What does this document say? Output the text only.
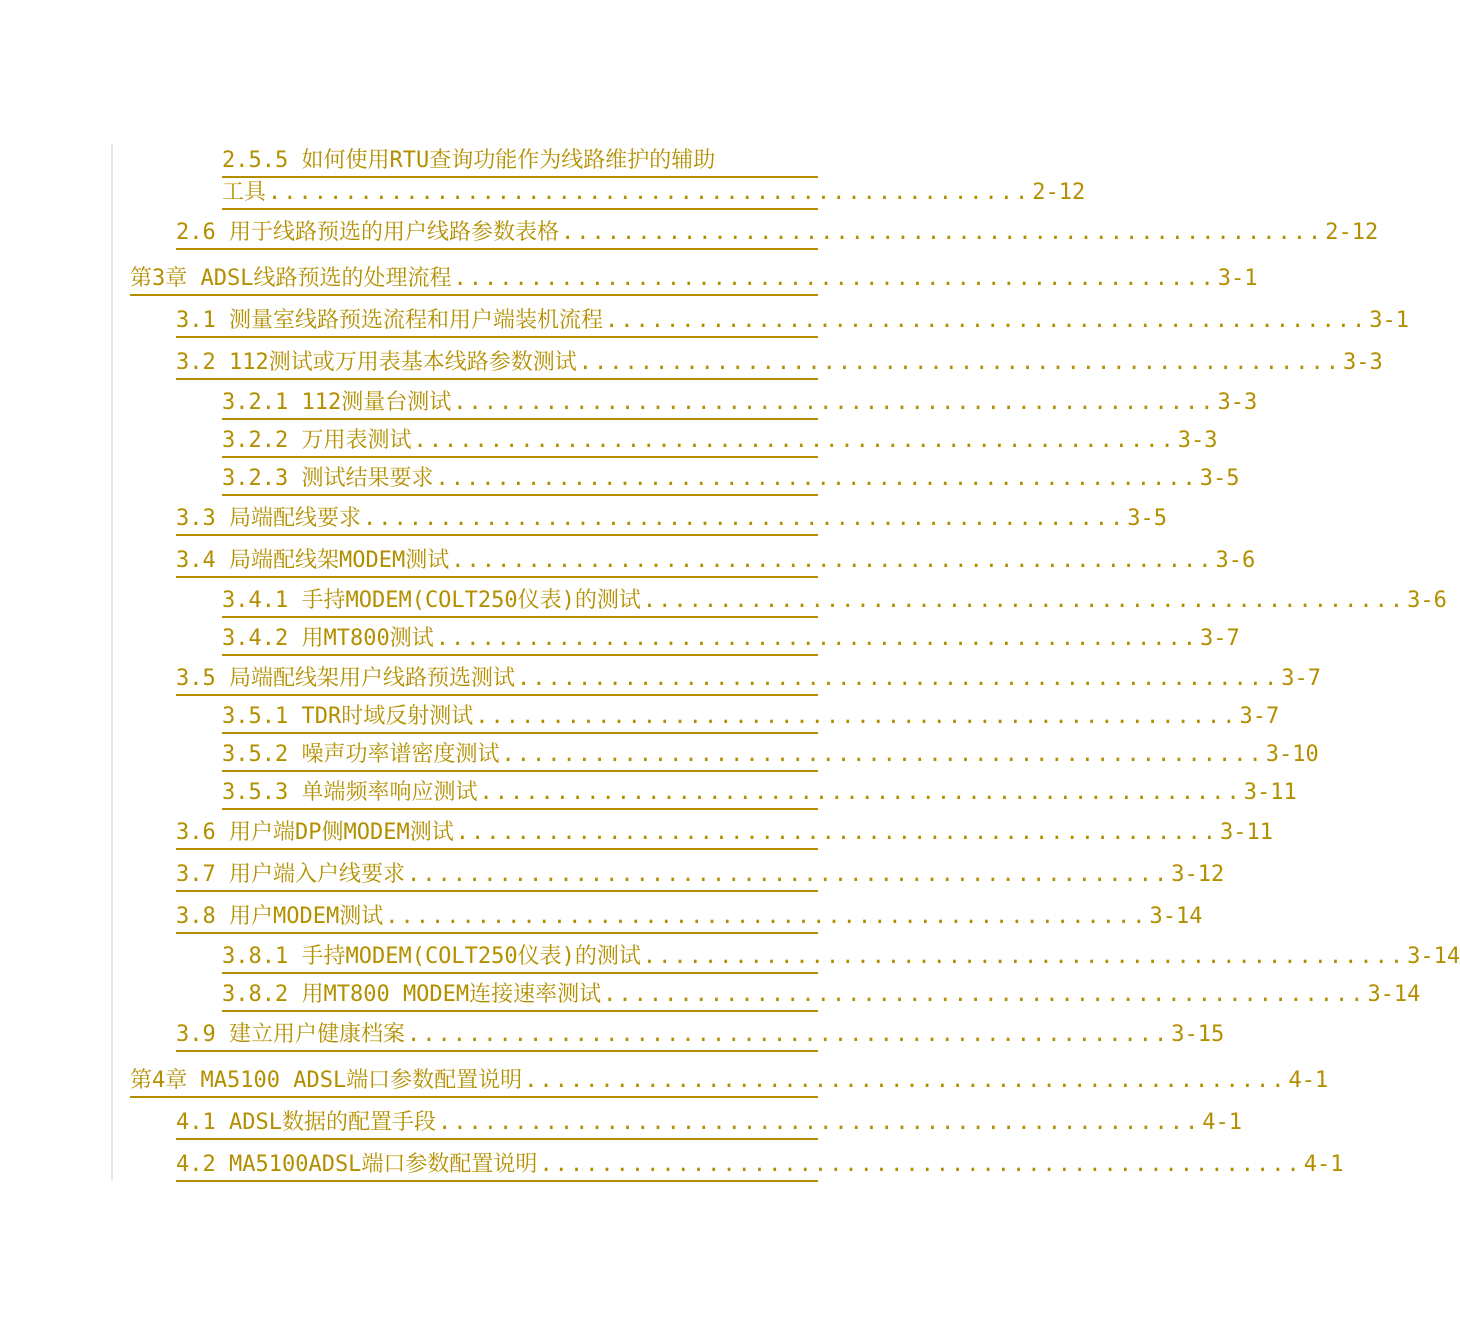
2.5.5 如何使用RTU查询功能作为线路维护的辅助
工具 .................................................. 2-12
2.6 用于线路预选的用户线路参数表格 .................................................. 2-12
第3章 ADSL线路预选的处理流程 .................................................. 3-1
3.1 测量室线路预选流程和用户端装机流程 .................................................. 3-1
3.2 112测试或万用表基本线路参数测试 .................................................. 3-3
3.2.1 112测量台测试 .................................................. 3-3
3.2.2 万用表测试 .................................................. 3-3
3.2.3 测试结果要求 .................................................. 3-5
3.3 局端配线要求 .................................................. 3-5
3.4 局端配线架MODEM测试 .................................................. 3-6
3.4.1 手持MODEM(COLT250仪表)的测试 .................................................. 3-6
3.4.2 用MT800测试 .................................................. 3-7
3.5 局端配线架用户线路预选测试 .................................................. 3-7
3.5.1 TDR时域反射测试 .................................................. 3-7
3.5.2 噪声功率谱密度测试 .................................................. 3-10
3.5.3 单端频率响应测试 .................................................. 3-11
3.6 用户端DP侧MODEM测试 .................................................. 3-11
3.7 用户端入户线要求 .................................................. 3-12
3.8 用户MODEM测试 .................................................. 3-14
3.8.1 手持MODEM(COLT250仪表)的测试 .................................................. 3-14
3.8.2 用MT800 MODEM连接速率测试 .................................................. 3-14
3.9 建立用户健康档案 .................................................. 3-15
第4章 MA5100 ADSL端口参数配置说明 .................................................. 4-1
4.1 ADSL数据的配置手段 .................................................. 4-1
4.2 MA5100ADSL端口参数配置说明 .................................................. 4-1
